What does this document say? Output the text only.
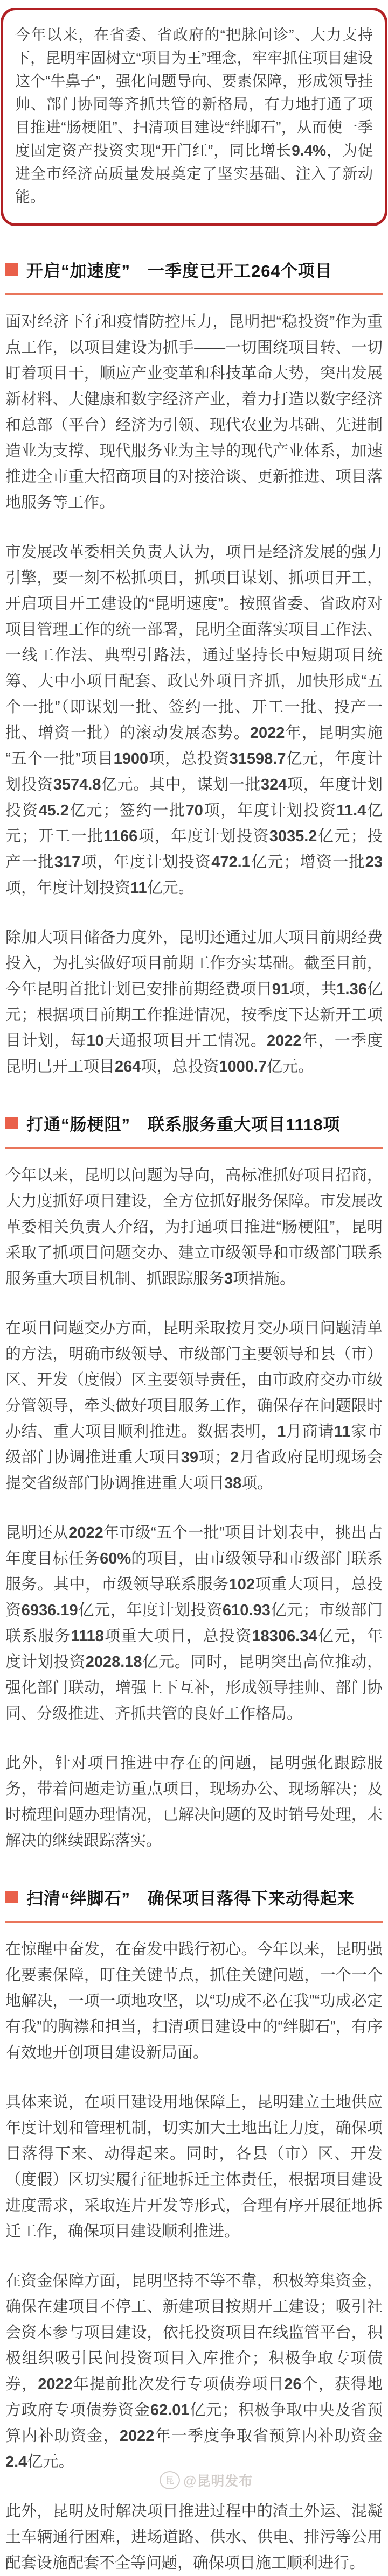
今年以来，在省委、省政府的“把脉问诊”、大力支持下，昆明牢固树立“项目为王”理念，牢牢抓住项目建设这个“牛鼻子”，强化问题导向、要素保障，形成领导挂帅、部门协同等齐抓共管的新格局，有力地打通了项目推进“肠梗阻”、扫清项目建设“绊脚石”，从而使一季度固定资产投资实现“开门红”，同比增长9.4%，为促进全市经济高质量发展奠定了坚实基础、注入了新动能。

开启“加速度”　一季度已开工264个项目

面对经济下行和疫情防控压力，昆明把“稳投资”作为重点工作，以项目建设为抓手——一切围绕项目转、一切盯着项目干，顺应产业变革和科技革命大势，突出发展新材料、大健康和数字经济产业，着力打造以数字经济和总部（平台）经济为引领、现代农业为基础、先进制造业为支撑、现代服务业为主导的现代产业体系，加速推进全市重大招商项目的对接洽谈、更新推进、项目落地服务等工作。

市发展改革委相关负责人认为，项目是经济发展的强力引擎，要一刻不松抓项目，抓项目谋划、抓项目开工，开启项目开工建设的“昆明速度”。按照省委、省政府对项目管理工作的统一部署，昆明全面落实项目工作法、一线工作法、典型引路法，通过坚持长中短期项目统筹、大中小项目配套、政民外项目齐抓，加快形成“五个一批”（即谋划一批、签约一批、开工一批、投产一批、增资一批）的滚动发展态势。2022年，昆明实施“五个一批”项目1900项，总投资31598.7亿元，年度计划投资3574.8亿元。其中，谋划一批324项，年度计划投资45.2亿元；签约一批70项，年度计划投资11.4亿元；开工一批1166项，年度计划投资3035.2亿元；投产一批317项，年度计划投资472.1亿元；增资一批23项，年度计划投资11亿元。

除加大项目储备力度外，昆明还通过加大项目前期经费投入，为扎实做好项目前期工作夯实基础。截至目前，今年昆明首批计划已安排前期经费项目91项，共1.36亿元；根据项目前期工作推进情况，按季度下达新开工项目计划，每10天通报项目开工情况。2022年，一季度昆明已开工项目264项，总投资1000.7亿元。

打通“肠梗阻”　联系服务重大项目1118项

今年以来，昆明以问题为导向，高标准抓好项目招商，大力度抓好项目建设，全方位抓好服务保障。市发展改革委相关负责人介绍，为打通项目推进“肠梗阻”，昆明采取了抓项目问题交办、建立市级领导和市级部门联系服务重大项目机制、抓跟踪服务3项措施。

在项目问题交办方面，昆明采取按月交办项目问题清单的方法，明确市级领导、市级部门主要领导和县（市）区、开发（度假）区主要领导责任，由市政府交办市级分管领导，牵头做好项目服务工作，确保存在问题限时办结、重大项目顺利推进。数据表明，1月商请11家市级部门协调推进重大项目39项；2月省政府昆明现场会提交省级部门协调推进重大项目38项。

昆明还从2022年市级“五个一批”项目计划表中，挑出占年度目标任务60%的项目，由市级领导和市级部门联系服务。其中，市级领导联系服务102项重大项目，总投资6936.19亿元，年度计划投资610.93亿元；市级部门联系服务1118项重大项目，总投资18306.34亿元，年度计划投资2028.18亿元。同时，昆明突出高位推动，强化部门联动，增强上下互补，形成领导挂帅、部门协同、分级推进、齐抓共管的良好工作格局。

此外，针对项目推进中存在的问题，昆明强化跟踪服务，带着问题走访重点项目，现场办公、现场解决；及时梳理问题办理情况，已解决问题的及时销号处理，未解决的继续跟踪落实。

扫清“绊脚石”　确保项目落得下来动得起来

在惊醒中奋发，在奋发中践行初心。今年以来，昆明强化要素保障，盯住关键节点，抓住关键问题，一个一个地解决，一项一项地攻坚，以“功成不必在我”“功成必定有我”的胸襟和担当，扫清项目建设中的“绊脚石”，有序有效地开创项目建设新局面。

具体来说，在项目建设用地保障上，昆明建立土地供应年度计划和管理机制，切实加大土地出让力度，确保项目落得下来、动得起来。同时，各县（市）区、开发（度假）区切实履行征地拆迁主体责任，根据项目建设进度需求，采取连片开发等形式，合理有序开展征地拆迁工作，确保项目建设顺利推进。

在资金保障方面，昆明坚持不等不靠，积极筹集资金，确保在建项目不停工、新建项目按期开工建设；吸引社会资本参与项目建设，依托投资项目在线监管平台，积极组织吸引民间投资项目入库推介；积极争取专项债券，2022年提前批次发行专项债券项目26个，获得地方政府专项债券资金62.01亿元；积极争取中央及省预算内补助资金，2022年一季度争取省预算内补助资金2.4亿元。

此外，昆明及时解决项目推进过程中的渣土外运、混凝土车辆通行困难，进场道路、供水、供电、排污等公用配套设施配套不全等问题，确保项目施工顺利进行。

昆 @昆明发布
